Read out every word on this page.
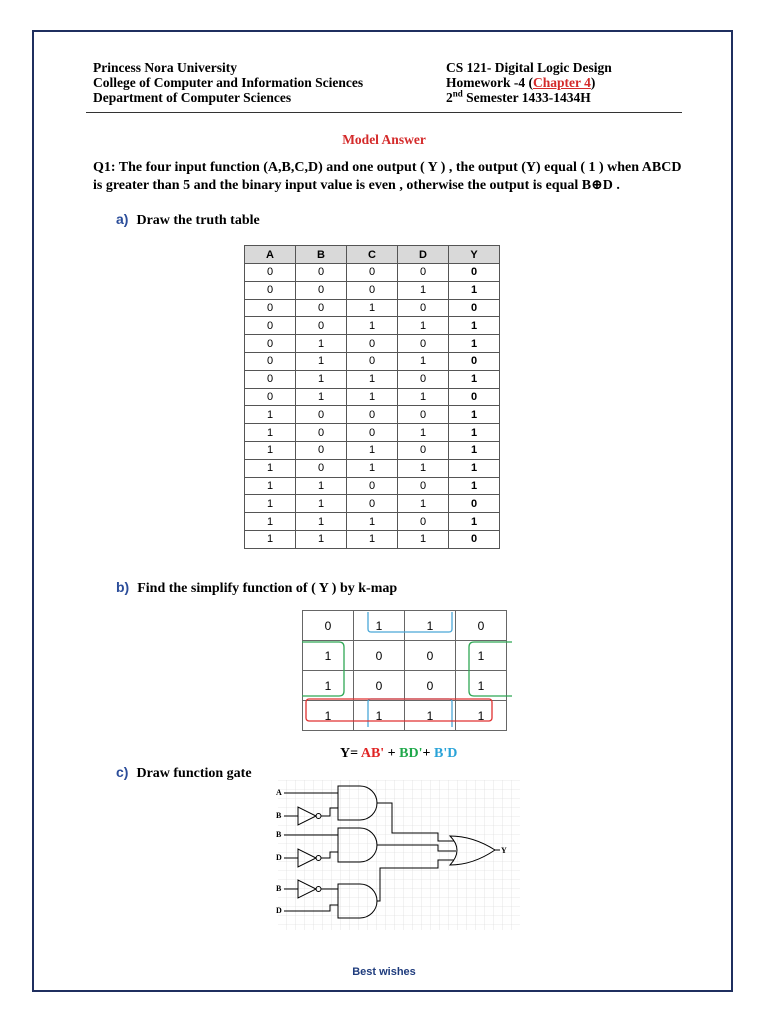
Princess Nora University
College of Computer and Information Sciences
Department of Computer Sciences
CS 121- Digital Logic Design
Homework -4 (Chapter 4)
2nd Semester 1433-1434H
Model Answer
Q1: The four input function (A,B,C,D) and one output ( Y ) , the output (Y) equal ( 1 ) when ABCD is greater than 5 and the binary input value is even , otherwise the output is equal B⊕D .
a) Draw the truth table
A	B	C	D	Y
0	0	0	0	0
0	0	0	1	1
0	0	1	0	0
0	0	1	1	1
0	1	0	0	1
0	1	0	1	0
0	1	1	0	1
0	1	1	1	0
1	0	0	0	1
1	0	0	1	1
1	0	1	0	1
1	0	1	1	1
1	1	0	0	1
1	1	0	1	0
1	1	1	0	1
1	1	1	1	0
b) Find the simplify function of ( Y ) by k-map
0	1	1	0
1	0	0	1
1	0	0	1
1	1	1	1
Y= AB' + BD'+ B'D
c) Draw function gate
A
B
B
D
B
D
Y
Best wishes
